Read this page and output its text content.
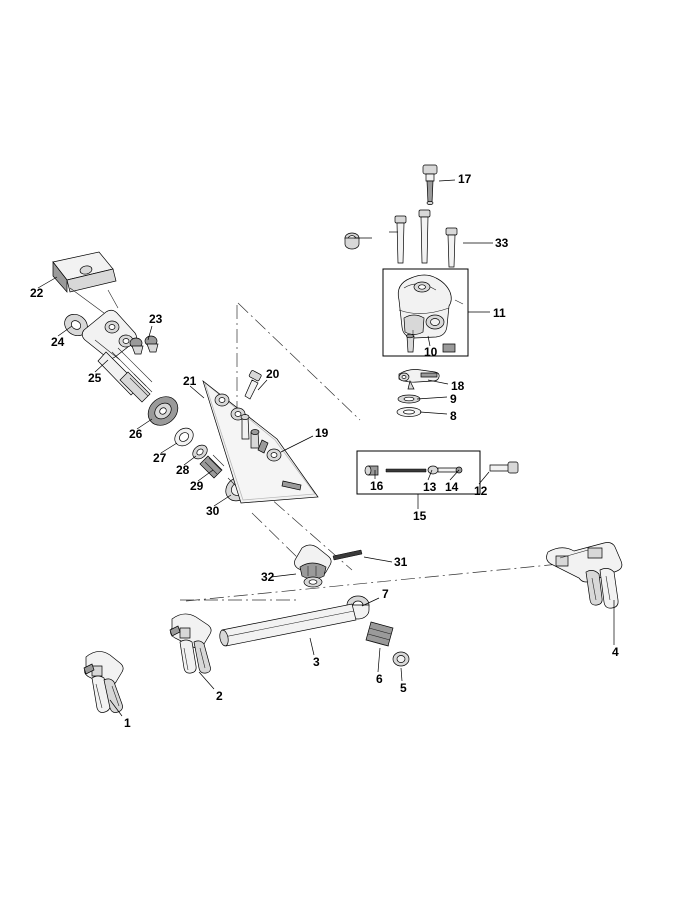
1
2
3
4
5
6
7
8
9
10
11
12
13 14
15
16
17
18
19
20
21
22
23
24
25
26
27
28
29
30
31
32
33
